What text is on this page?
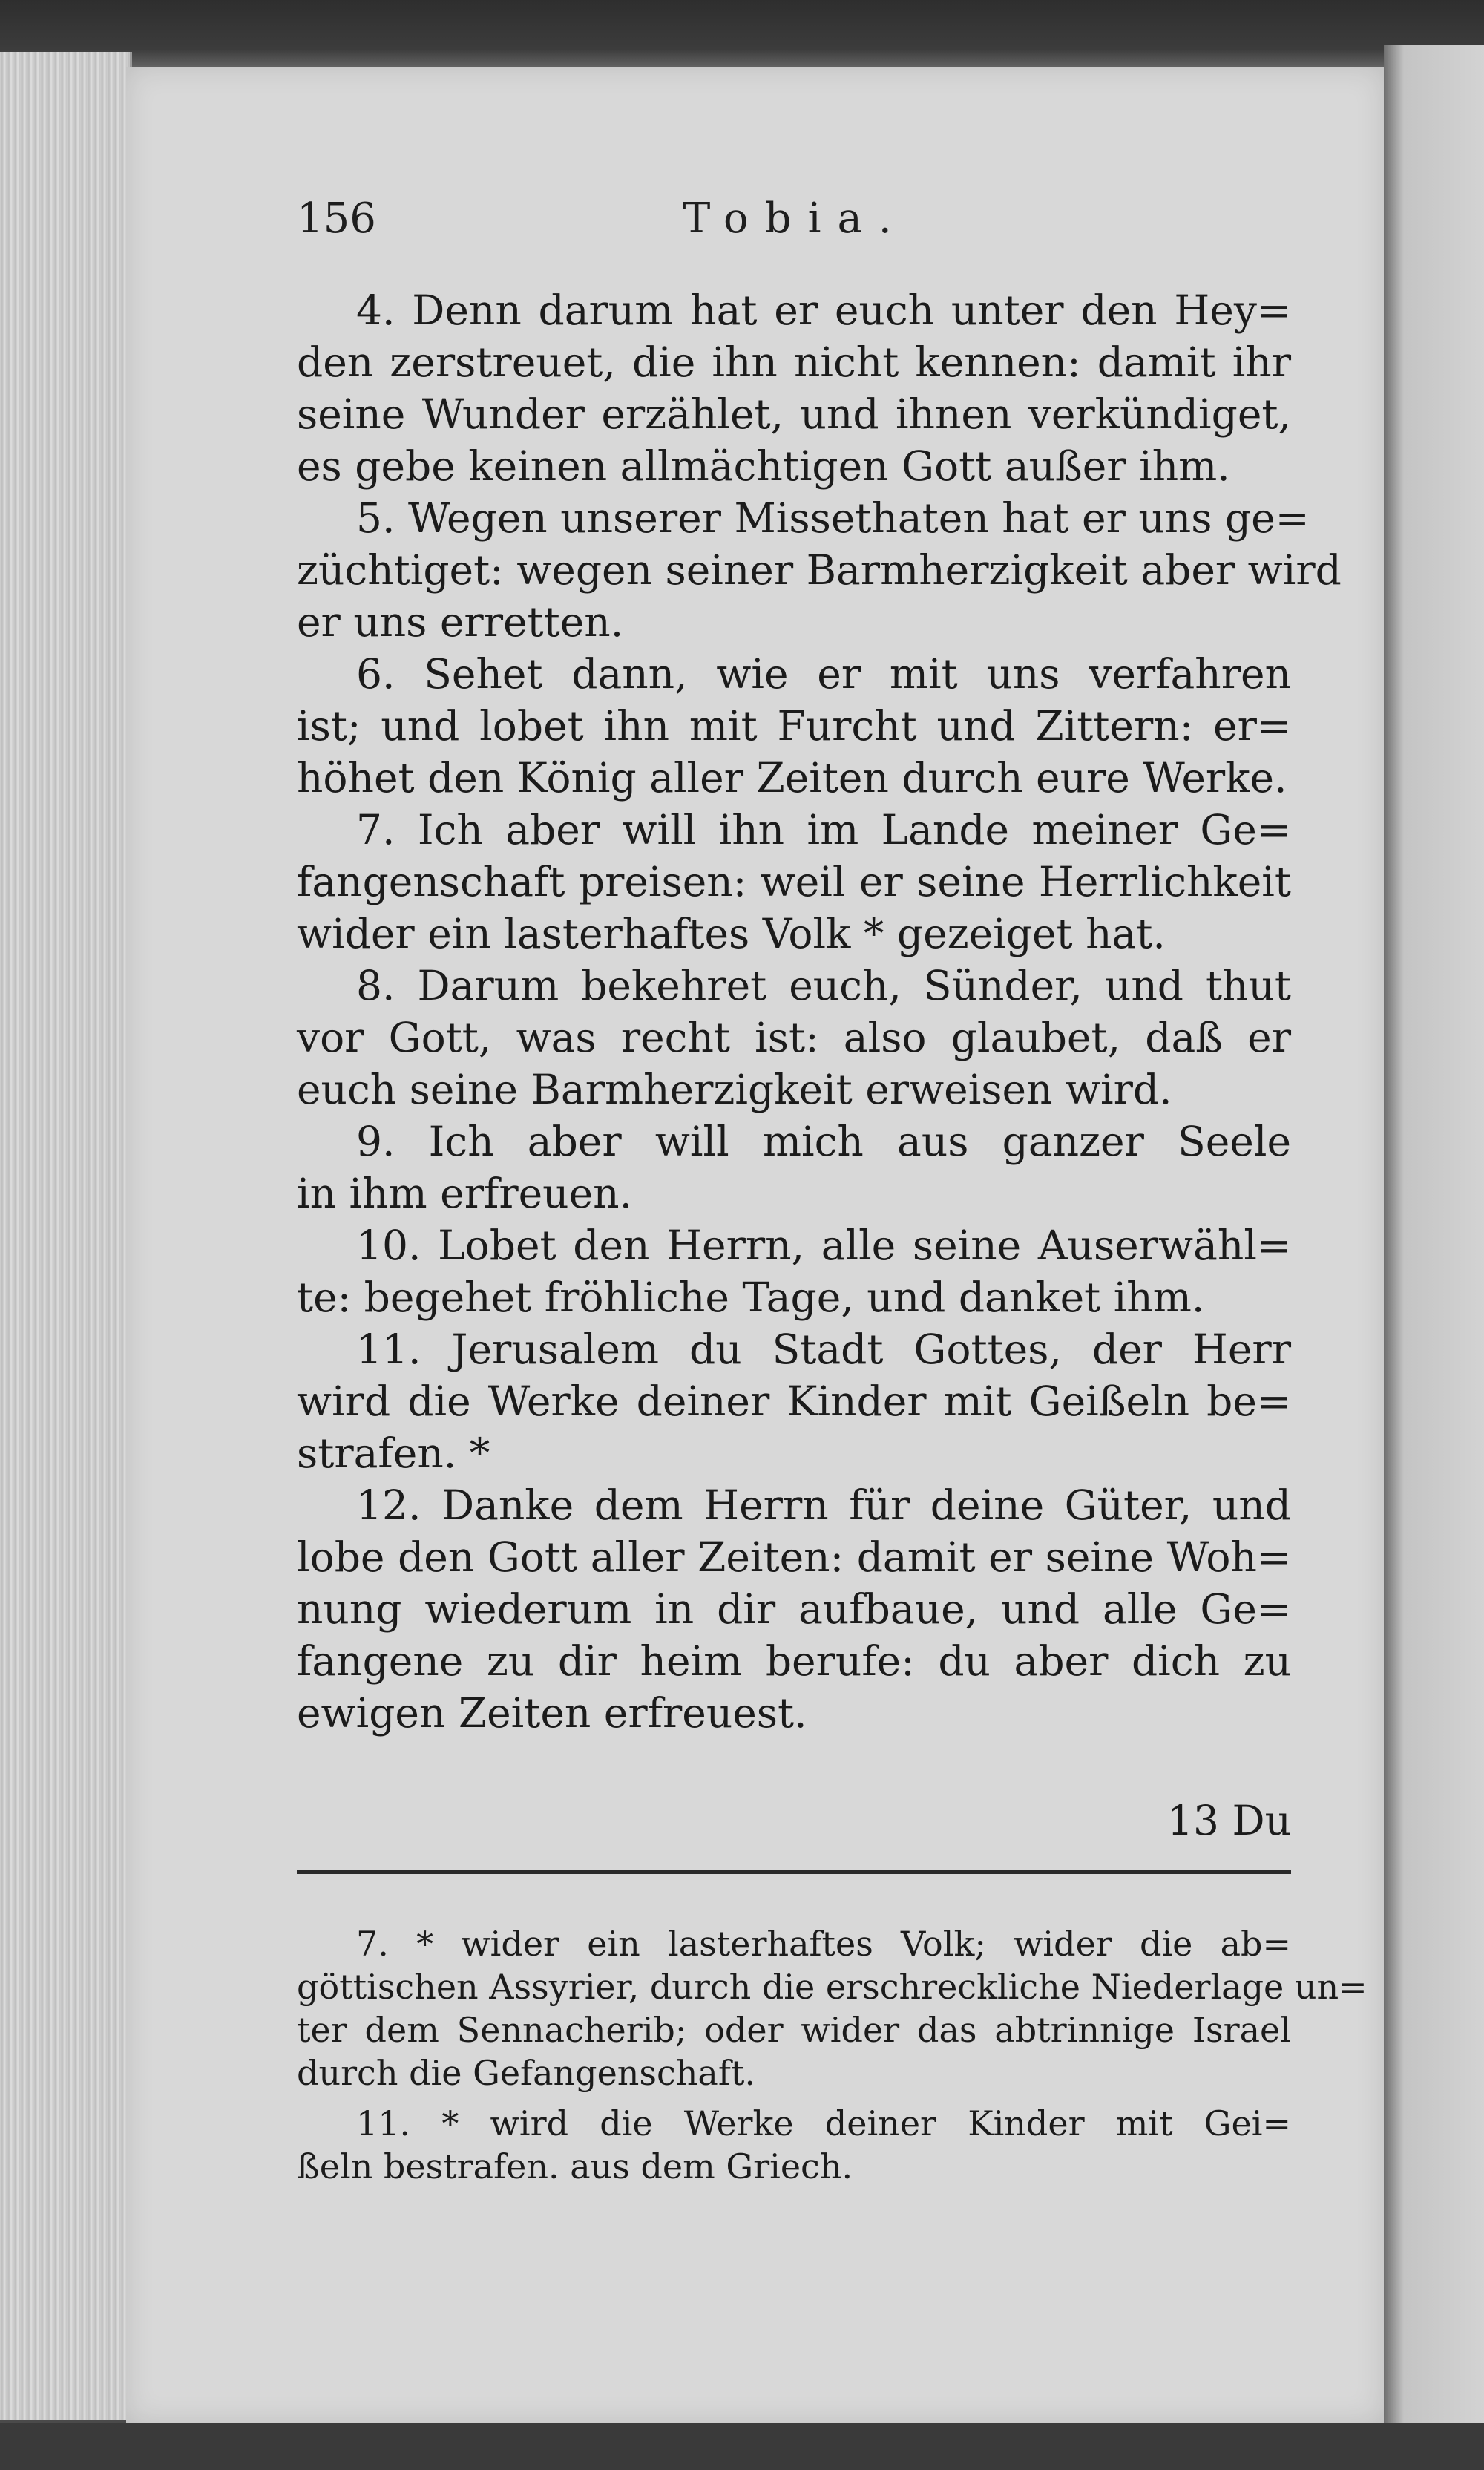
156	Tobia.
4. Denn darum hat er euch unter den Hey=
den zerstreuet, die ihn nicht kennen: damit ihr
seine Wunder erzählet, und ihnen verkündiget,
es gebe keinen allmächtigen Gott außer ihm.
5. Wegen unserer Missethaten hat er uns ge=
züchtiget: wegen seiner Barmherzigkeit aber wird
er uns erretten.
6. Sehet dann, wie er mit uns verfahren
ist; und lobet ihn mit Furcht und Zittern: er=
höhet den König aller Zeiten durch eure Werke.
7. Ich aber will ihn im Lande meiner Ge=
fangenschaft preisen: weil er seine Herrlichkeit
wider ein lasterhaftes Volk * gezeiget hat.
8. Darum bekehret euch, Sünder, und thut
vor Gott, was recht ist: also glaubet, daß er
euch seine Barmherzigkeit erweisen wird.
9. Ich aber will mich aus ganzer Seele
in ihm erfreuen.
10. Lobet den Herrn, alle seine Auserwähl=
te: begehet fröhliche Tage, und danket ihm.
11. Jerusalem du Stadt Gottes, der Herr
wird die Werke deiner Kinder mit Geißeln be=
strafen. *
12. Danke dem Herrn für deine Güter, und
lobe den Gott aller Zeiten: damit er seine Woh=
nung wiederum in dir aufbaue, und alle Ge=
fangene zu dir heim berufe: du aber dich zu
ewigen Zeiten erfreuest.
13 Du
7. * wider ein lasterhaftes Volk; wider die ab=
göttischen Assyrier, durch die erschreckliche Niederlage un=
ter dem Sennacherib; oder wider das abtrinnige Israel
durch die Gefangenschaft.
11. * wird die Werke deiner Kinder mit Gei=
ßeln bestrafen. aus dem Griech.
